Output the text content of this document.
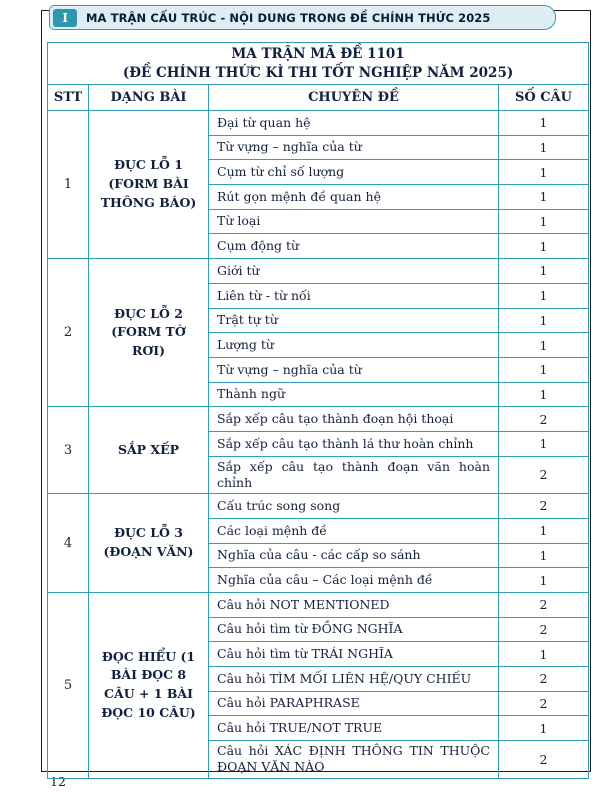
I	MA TRẬN CẤU TRÚC - NỘI DUNG TRONG ĐỀ CHÍNH THỨC 2025
MA TRẬN MÃ ĐỀ 1101
(ĐỀ CHÍNH THỨC KÌ THI TỐT NGHIỆP NĂM 2025)			

STT	DẠNG BÀI	CHUYÊN ĐỀ	SỐ CÂU
1	ĐỤC LỖ 1 (FORM BÀI THÔNG BÁO)	Đại từ quan hệ	1
		Từ vựng – nghĩa của từ	1
		Cụm từ chỉ số lượng	1
		Rút gọn mệnh đề quan hệ	1
		Từ loại	1
		Cụm động từ	1
2	ĐỤC LỖ 2 (FORM TỜ RƠI)	Giới từ	1
		Liên từ - từ nối	1
		Trật tự từ	1
		Lượng từ	1
		Từ vựng – nghĩa của từ	1
		Thành ngữ	1
3	SẮP XẾP	Sắp xếp câu tạo thành đoạn hội thoại	2
		Sắp xếp câu tạo thành lá thư hoàn chỉnh	1
		Sắp xếp câu tạo thành đoạn văn hoàn chỉnh	2
4	ĐỤC LỖ 3 (ĐOẠN VĂN)	Cấu trúc song song	2
		Các loại mệnh đề	1
		Nghĩa của câu - các cấp so sánh	1
		Nghĩa của câu – Các loại mệnh đề	1
5	ĐỌC HIỂU (1 BÀI ĐỌC 8 CÂU + 1 BÀI ĐỌC 10 CÂU)	Câu hỏi NOT MENTIONED	2
		Câu hỏi tìm từ ĐỒNG NGHĨA	2
		Câu hỏi tìm từ TRÁI NGHĨA	1
		Câu hỏi TÌM MỐI LIÊN HỆ/QUY CHIẾU	2
		Câu hỏi PARAPHRASE	2
		Câu hỏi TRUE/NOT TRUE	1
		Câu hỏi XÁC ĐỊNH THÔNG TIN THUỘC ĐOẠN VĂN NÀO	2
12
